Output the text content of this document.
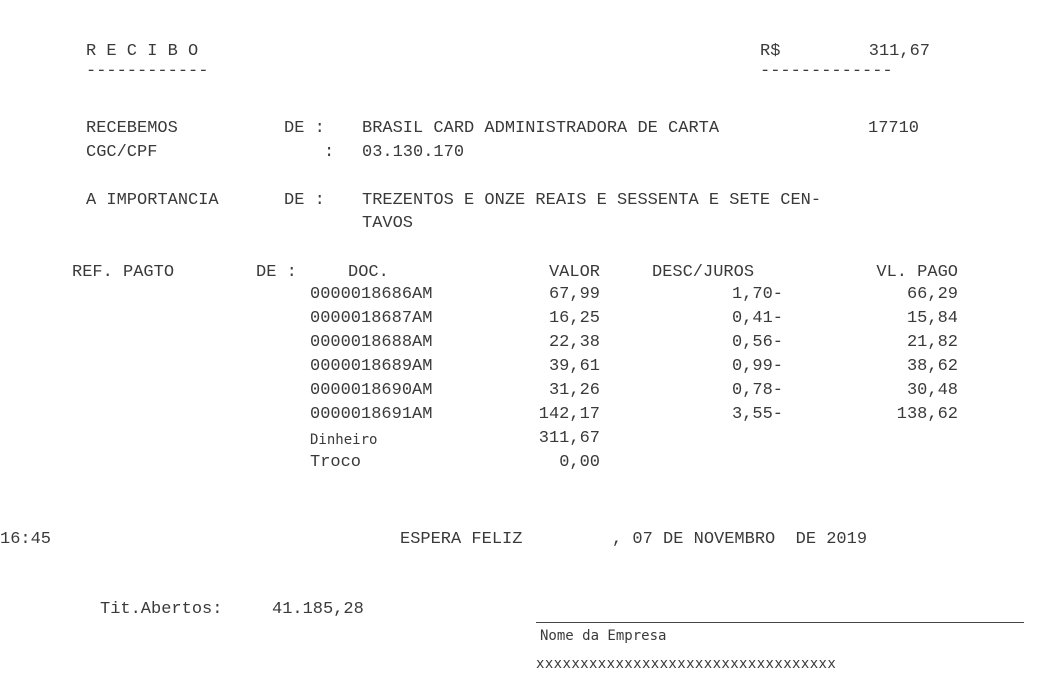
R E C I B O
------------
R$	311,67
-------------
RECEBEMOS	DE : BRASIL CARD ADMINISTRADORA DE CARTA	17710
CGC/CPF	: 03.130.170
A IMPORTANCIA	DE : TREZENTOS E ONZE REAIS E SESSENTA E SETE CEN-
TAVOS
REF. PAGTO	DE :	DOC.	VALOR	DESC/JUROS	VL. PAGO
0000018686AM	67,99	1,70-	66,29
0000018687AM	16,25	0,41-	15,84
0000018688AM	22,38	0,56-	21,82
0000018689AM	39,61	0,99-	38,62
0000018690AM	31,26	0,78-	30,48
0000018691AM	142,17	3,55-	138,62
Dinheiro	311,67
Troco	0,00
16:45	ESPERA FELIZ	, 07 DE NOVEMBRO  DE 2019
Tit.Abertos:	41.185,28
Nome da Empresa
xxxxxxxxxxxxxxxxxxxxxxxxxxxxxxxxxx
